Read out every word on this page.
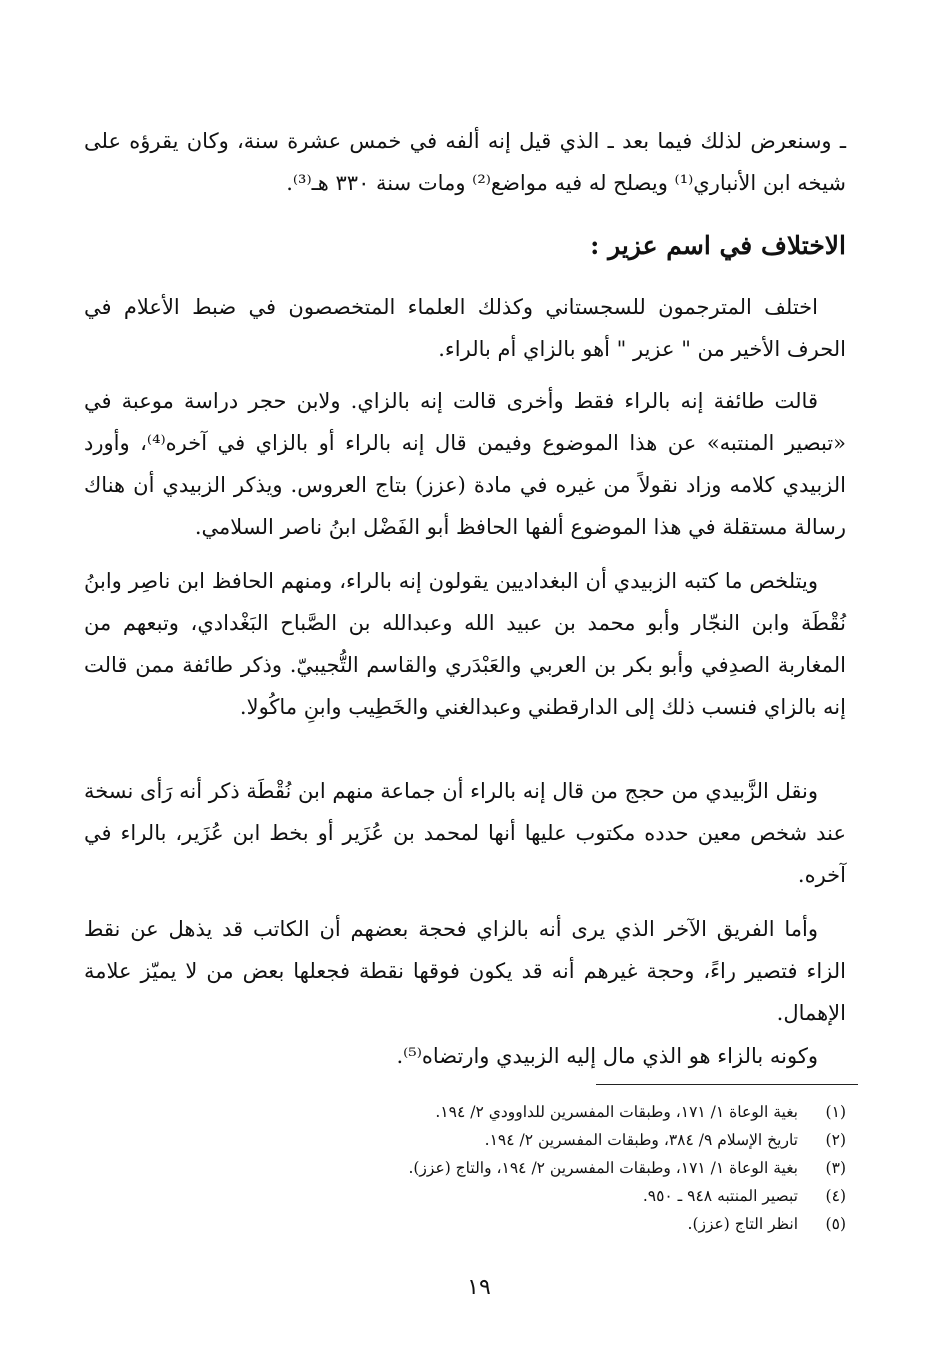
ـ وسنعرض لذلك فيما بعد ـ الذي قيل إنه ألفه في خمس عشرة سنة، وكان يقرؤه على شيخه ابن الأنباري⁽¹⁾ ويصلح له فيه مواضع⁽²⁾ ومات سنة ٣٣٠ هـ⁽³⁾.

الاختلاف في اسم عزير :

اختلف المترجمون للسجستاني وكذلك العلماء المتخصصون في ضبط الأعلام في الحرف الأخير من " عزير " أهو بالزاي أم بالراء.

قالت طائفة إنه بالراء فقط وأخرى قالت إنه بالزاي. ولابن حجر دراسة موعبة في «تبصير المنتبه» عن هذا الموضوع وفيمن قال إنه بالراء أو بالزاي في آخره⁽⁴⁾، وأورد الزبيدي كلامه وزاد نقولاً من غيره في مادة (عزز) بتاج العروس. ويذكر الزبيدي أن هناك رسالة مستقلة في هذا الموضوع ألفها الحافظ أبو الفَضْل ابنُ ناصر السلامي.

ويتلخص ما كتبه الزبيدي أن البغداديين يقولون إنه بالراء، ومنهم الحافظ ابن ناصِر وابنُ نُقْطَة وابن النجّار وأبو محمد بن عبيد الله وعبدالله بن الصَّباح البَغْدادي، وتبعهم من المغاربة الصدِفي وأبو بكر بن العربي والعَبْدَري والقاسم التُّجيبيّ. وذكر طائفة ممن قالت إنه بالزاي فنسب ذلك إلى الدارقطني وعبدالغني والخَطِيب وابنِ ماكُولا.

ونقل الزَّبيدي من حجج من قال إنه بالراء أن جماعة منهم ابن نُقْطَة ذكر أنه رَأى نسخة عند شخص معين حدده مكتوب عليها أنها لمحمد بن عُزَير أو بخط ابن عُزَير، بالراء في آخره.

وأما الفريق الآخر الذي يرى أنه بالزاي فحجة بعضهم أن الكاتب قد يذهل عن نقط الزاء فتصير راءً، وحجة غيرهم أنه قد يكون فوقها نقطة فجعلها بعض من لا يميّز علامة الإهمال.

وكونه بالزاء هو الذي مال إليه الزبيدي وارتضاه⁽⁵⁾.

(١)بغية الوعاة ١/ ١٧١، وطبقات المفسرين للداوودي ٢/ ١٩٤.
(٢)تاريخ الإسلام ٩/ ٣٨٤، وطبقات المفسرين ٢/ ١٩٤.
(٣)بغية الوعاة ١/ ١٧١، وطبقات المفسرين ٢/ ١٩٤، والتاج (عزز).
(٤)تبصير المنتبه ٩٤٨ ـ ٩٥٠.
(٥)انظر التاج (عزز).
١٩
